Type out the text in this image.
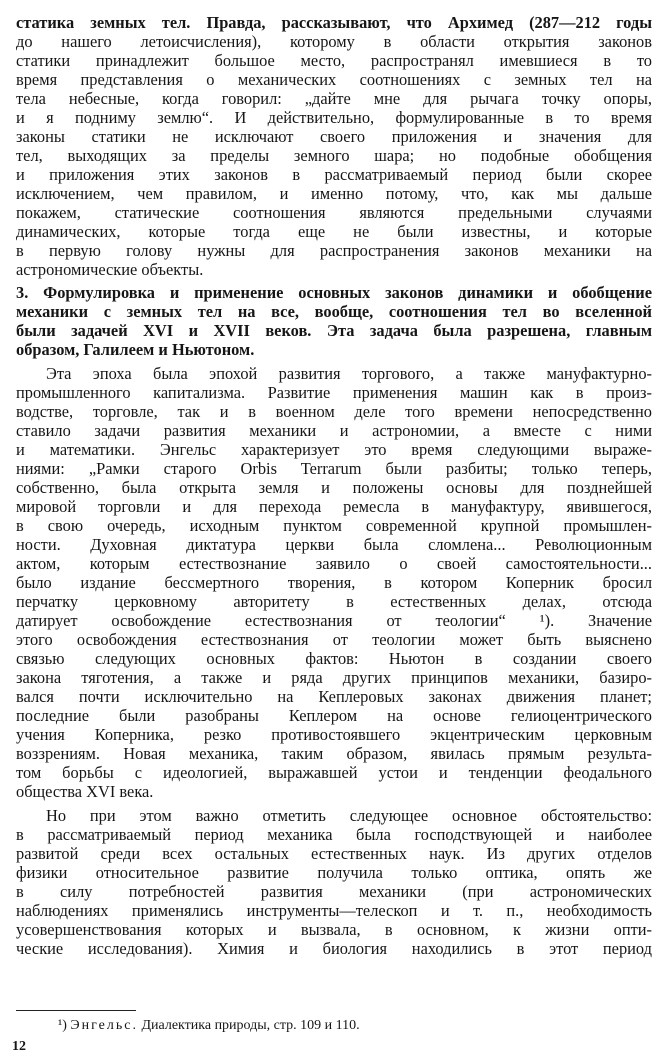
статика земных тел. Правда, рассказывают, что Архимед (287—212 годы
до нашего летоисчисления), которому в области открытия законов
статики принадлежит большое место, распространял имевшиеся в то
время представления о механических соотношениях с земных тел на
тела небесные, когда говорил: „дайте мне для рычага точку опоры,
и я подниму землю“. И действительно, формулированные в то время
законы статики не исключают своего приложения и значения для
тел, выходящих за пределы земного шара; но подобные обобщения
и приложения этих законов в рассматриваемый период были скорее
исключением, чем правилом, и именно потому, что, как мы дальше
покажем, статические соотношения являются предельными случаями
динамических, которые тогда еще не были известны, и которые
в первую голову нужны для распространения законов механики на
астрономические объекты.
3. Формулировка и применение основных законов динамики и обобщение
механики с земных тел на все, вообще, соотношения тел во вселенной
были задачей XVI и XVII веков. Эта задача была разрешена, главным
образом, Галилеем и Ньютоном.
Эта эпоха была эпохой развития торгового, а также мануфактурно-
промышленного капитализма. Развитие применения машин как в произ-
водстве, торговле, так и в военном деле того времени непосредственно
ставило задачи развития механики и астрономии, а вместе с ними
и математики. Энгельс характеризует это время следующими выраже-
ниями: „Рамки старого Orbis Terrarum были разбиты; только теперь,
собственно, была открыта земля и положены основы для позднейшей
мировой торговли и для перехода ремесла в мануфактуру, явившегося,
в свою очередь, исходным пунктом современной крупной промышлен-
ности. Духовная диктатура церкви была сломлена... Революционным
актом, которым естествознание заявило о своей самостоятельности...
было издание бессмертного творения, в котором Коперник бросил
перчатку церковному авторитету в естественных делах, отсюда
датирует освобождение естествознания от теологии“ ¹). Значение
этого освобождения естествознания от теологии может быть выяснено
связью следующих основных фактов: Ньютон в создании своего
закона тяготения, а также и ряда других принципов механики, базиро-
вался почти исключительно на Кеплеровых законах движения планет;
последние были разобраны Кеплером на основе гелиоцентрического
учения Коперника, резко противостоявшего экцентрическим церковным
воззрениям. Новая механика, таким образом, явилась прямым результа-
том борьбы с идеологией, выражавшей устои и тенденции феодального
общества XVI века.
Но при этом важно отметить следующее основное обстоятельство:
в рассматриваемый период механика была господствующей и наиболее
развитой среди всех остальных естественных наук. Из других отделов
физики относительное развитие получила только оптика, опять же
в силу потребностей развития механики (при астрономических
наблюдениях применялись инструменты—телескоп и т. п., необходимость
усовершенствования которых и вызвала, в основном, к жизни опти-
ческие исследования). Химия и биология находились в этот период
¹) Энгельс. Диалектика природы, стр. 109 и 110.
12
